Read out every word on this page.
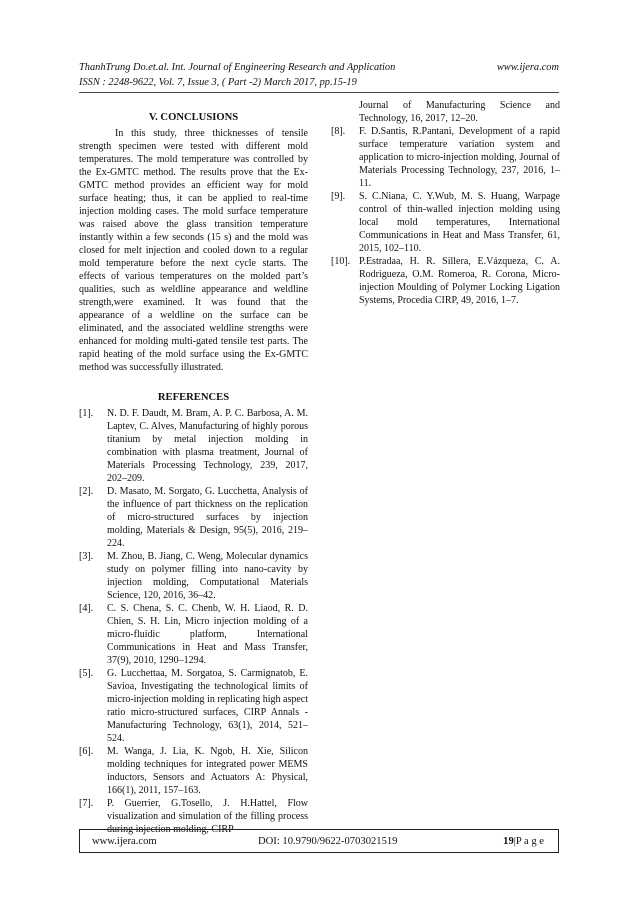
ThanhTrung Do.et.al. Int. Journal of Engineering Research and Application	www.ijera.com
ISSN : 2248-9622, Vol. 7, Issue 3, ( Part -2) March 2017, pp.15-19
V. CONCLUSIONS

In this study, three thicknesses of tensile strength specimen were tested with different mold temperatures. The mold temperature was controlled by the Ex-GMTC method. The results prove that the Ex-GMTC method provides an efficient way for mold surface heating; thus, it can be applied to real-time injection molding cases. The mold surface temperature was raised above the glass transition temperature instantly within a few seconds (15 s) and the mold was closed for melt injection and cooled down to a regular mold temperature before the next cycle starts. The effects of various temperatures on the molded part’s qualities, such as weldline appearance and weldline strength,were examined. It was found that the appearance of a weldline on the surface can be eliminated, and the associated weldline strengths were enhanced for molding multi-gated tensile test parts. The rapid heating of the mold surface using the Ex-GMTC method was successfully illustrated.

REFERENCES
[1].	N. D. F. Daudt, M. Bram, A. P. C. Barbosa, A. M. Laptev, C. Alves, Manufacturing of highly porous titanium by metal injection molding in combination with plasma treatment, Journal of Materials Processing Technology, 239, 2017, 202–209.
[2].	D. Masato, M. Sorgato, G. Lucchetta, Analysis of the influence of part thickness on the replication of micro-structured surfaces by injection molding, Materials & Design, 95(5), 2016, 219–224.
[3].	M. Zhou, B. Jiang, C. Weng, Molecular dynamics study on polymer filling into nano-cavity by injection molding, Computational Materials Science, 120, 2016, 36–42.
[4].	C. S. Chena, S. C. Chenb, W. H. Liaod, R. D. Chien, S. H. Lin, Micro injection molding of a micro-fluidic platform, International Communications in Heat and Mass Transfer, 37(9), 2010, 1290–1294.
[5].	G. Lucchettaa, M. Sorgatoa, S. Carmignatob, E. Savioa, Investigating the technological limits of micro-injection molding in replicating high aspect ratio micro-structured surfaces, CIRP Annals - Manufacturing Technology, 63(1), 2014, 521–524.
[6].	M. Wanga, J. Lia, K. Ngob, H. Xie, Silicon molding techniques for integrated power MEMS inductors, Sensors and Actuators A: Physical, 166(1), 2011, 157–163.
[7].	P. Guerrier, G.Tosello, J. H.Hattel, Flow visualization and simulation of the filling process during injection molding, CIRP
Journal of Manufacturing Science and Technology, 16, 2017, 12–20.
[8].	F. D.Santis, R.Pantani, Development of a rapid surface temperature variation system and application to micro-injection molding, Journal of Materials Processing Technology, 237, 2016, 1–11.
[9].	S. C.Niana, C. Y.Wub, M. S. Huang, Warpage control of thin-walled injection molding using local mold temperatures, International Communications in Heat and Mass Transfer, 61, 2015, 102–110.
[10]. P.Estradaa, H. R. Sillera, E.Vázqueza, C. A. Rodrigueza, O.M. Romeroa, R. Corona, Micro-injection Moulding of Polymer Locking Ligation Systems, Procedia CIRP, 49, 2016, 1–7.
www.ijera.com	DOI: 10.9790/9622-0703021519	19|P a g e
